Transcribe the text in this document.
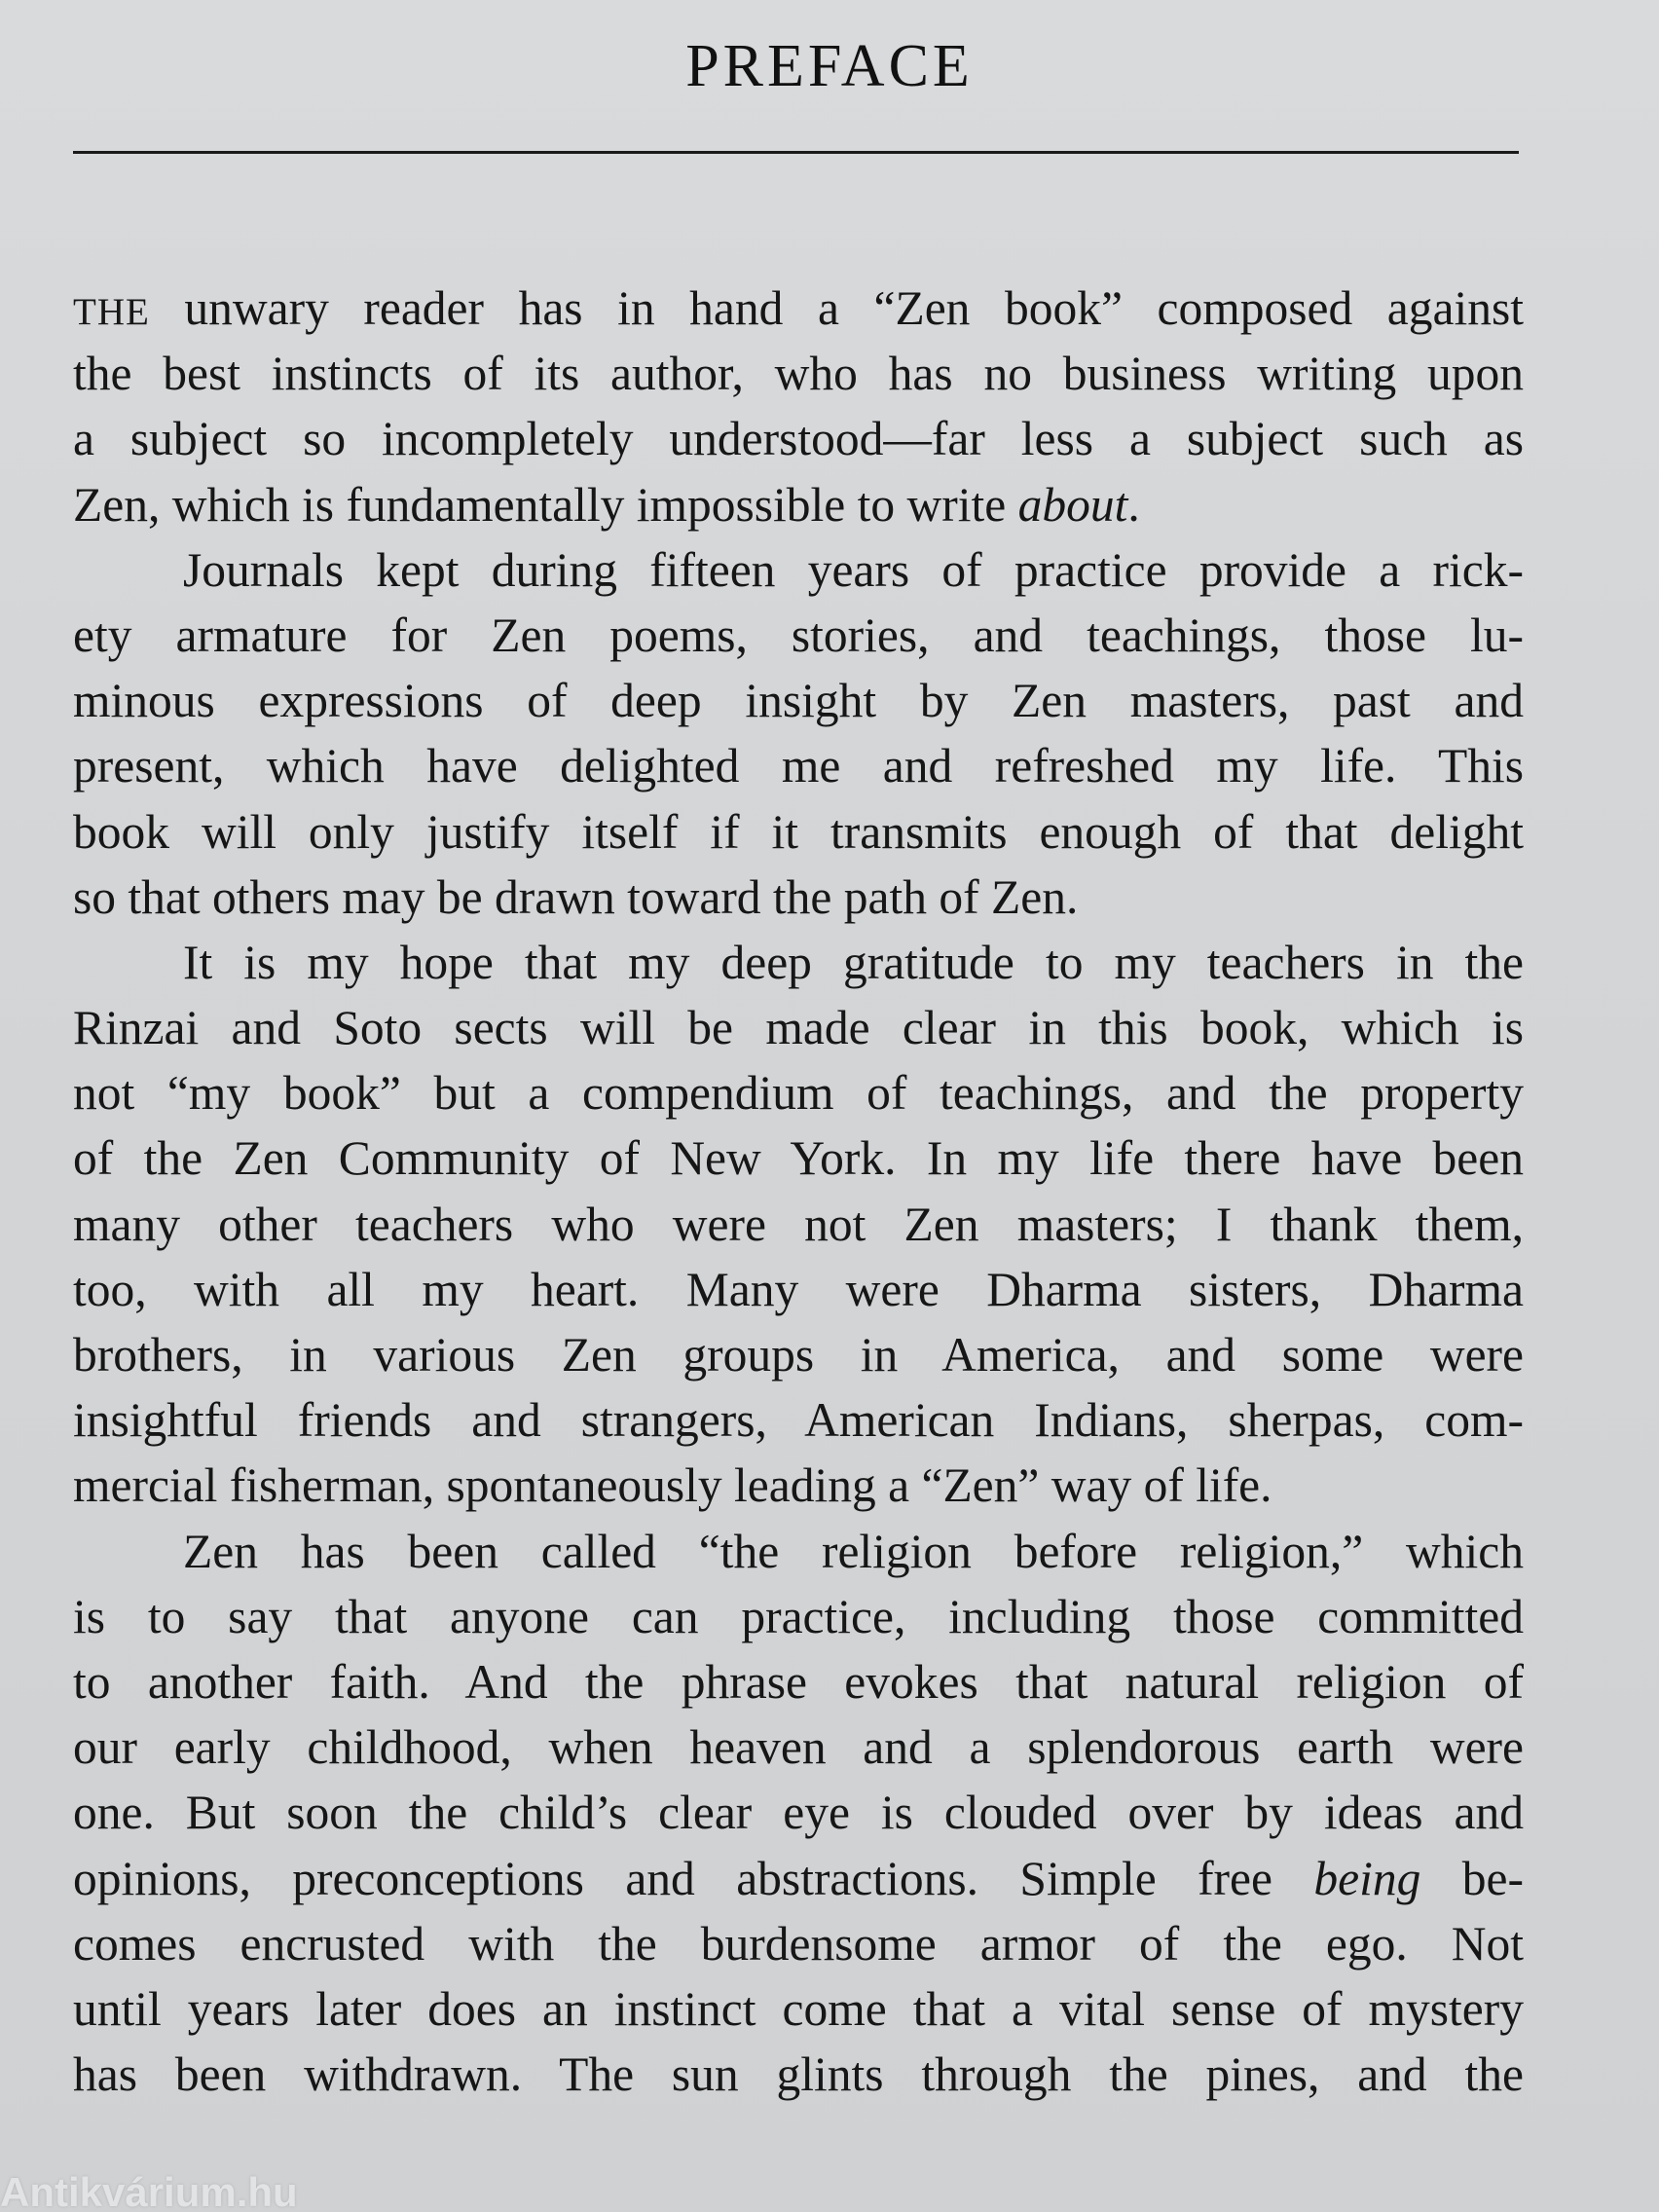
PREFACE
THE unwary reader has in hand a “Zen book” composed against
the best instincts of its author, who has no business writing upon
a subject so incompletely understood—far less a subject such as
Zen, which is fundamentally impossible to write about.
Journals kept during fifteen years of practice provide a rick-
ety armature for Zen poems, stories, and teachings, those lu-
minous expressions of deep insight by Zen masters, past and
present, which have delighted me and refreshed my life. This
book will only justify itself if it transmits enough of that delight
so that others may be drawn toward the path of Zen.
It is my hope that my deep gratitude to my teachers in the
Rinzai and Soto sects will be made clear in this book, which is
not “my book” but a compendium of teachings, and the property
of the Zen Community of New York. In my life there have been
many other teachers who were not Zen masters; I thank them,
too, with all my heart. Many were Dharma sisters, Dharma
brothers, in various Zen groups in America, and some were
insightful friends and strangers, American Indians, sherpas, com-
mercial fisherman, spontaneously leading a “Zen” way of life.
Zen has been called “the religion before religion,” which
is to say that anyone can practice, including those committed
to another faith. And the phrase evokes that natural religion of
our early childhood, when heaven and a splendorous earth were
one. But soon the child’s clear eye is clouded over by ideas and
opinions, preconceptions and abstractions. Simple free being be-
comes encrusted with the burdensome armor of the ego. Not
until years later does an instinct come that a vital sense of mystery
has been withdrawn. The sun glints through the pines, and the
Antikvárium.hu
